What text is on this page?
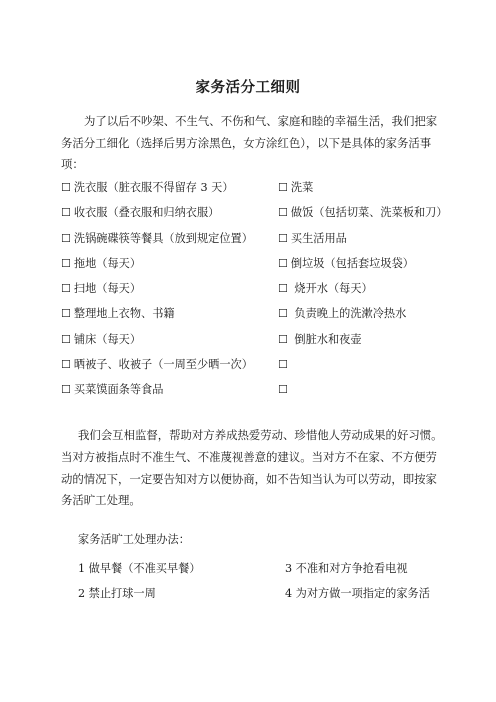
家务活分工细则

为了以后不吵架、不生气、不伤和气、家庭和睦的幸福生活，我们把家务活分工细化（选择后男方涂黑色，女方涂红色），以下是具体的家务活事项：

☐ 洗衣服（脏衣服不得留存 3 天）	☐ 洗菜
☐ 收衣服（叠衣服和归纳衣服）	☐ 做饭（包括切菜、洗菜板和刀）
☐ 洗锅碗碟筷等餐具（放到规定位置） ☐ 买生活用品
☐ 拖地（每天）	☐ 倒垃圾（包括套垃圾袋）
☐ 扫地（每天）	☐ 烧开水（每天）
☐ 整理地上衣物、书籍	☐ 负责晚上的洗漱冷热水
☐ 铺床（每天）	☐ 倒脏水和夜壶
☐ 晒被子、收被子（一周至少晒一次） ☐
☐ 买菜馍面条等食品	☐

我们会互相监督，帮助对方养成热爱劳动、珍惜他人劳动成果的好习惯。当对方被指点时不准生气、不准蔑视善意的建议。当对方不在家、不方便劳动的情况下，一定要告知对方以便协商，如不告知当认为可以劳动，即按家务活旷工处理。

家务活旷工处理办法：
1 做早餐（不准买早餐）	3 不准和对方争抢看电视
2 禁止打球一周	4 为对方做一项指定的家务活
